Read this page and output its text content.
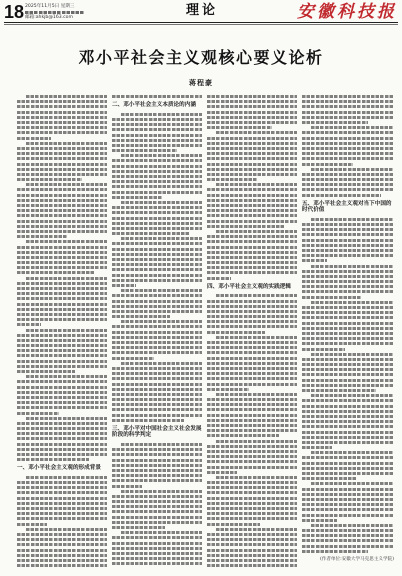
18 2025年11月5日 星期三
邮箱:ahkjb@163.com	理论	安徽科技报
邓小平社会主义观核心要义论析
蒋程豪
一、邓小平社会主义观的形成背景
二、邓小平社会主义本质论的内涵
三、邓小平对中国社会主义社会发展阶段的科学判定
四、邓小平社会主义观的实践逻辑
五、邓小平社会主义观对当下中国的时代价值
(作者单位:安徽大学马克思主义学院)
